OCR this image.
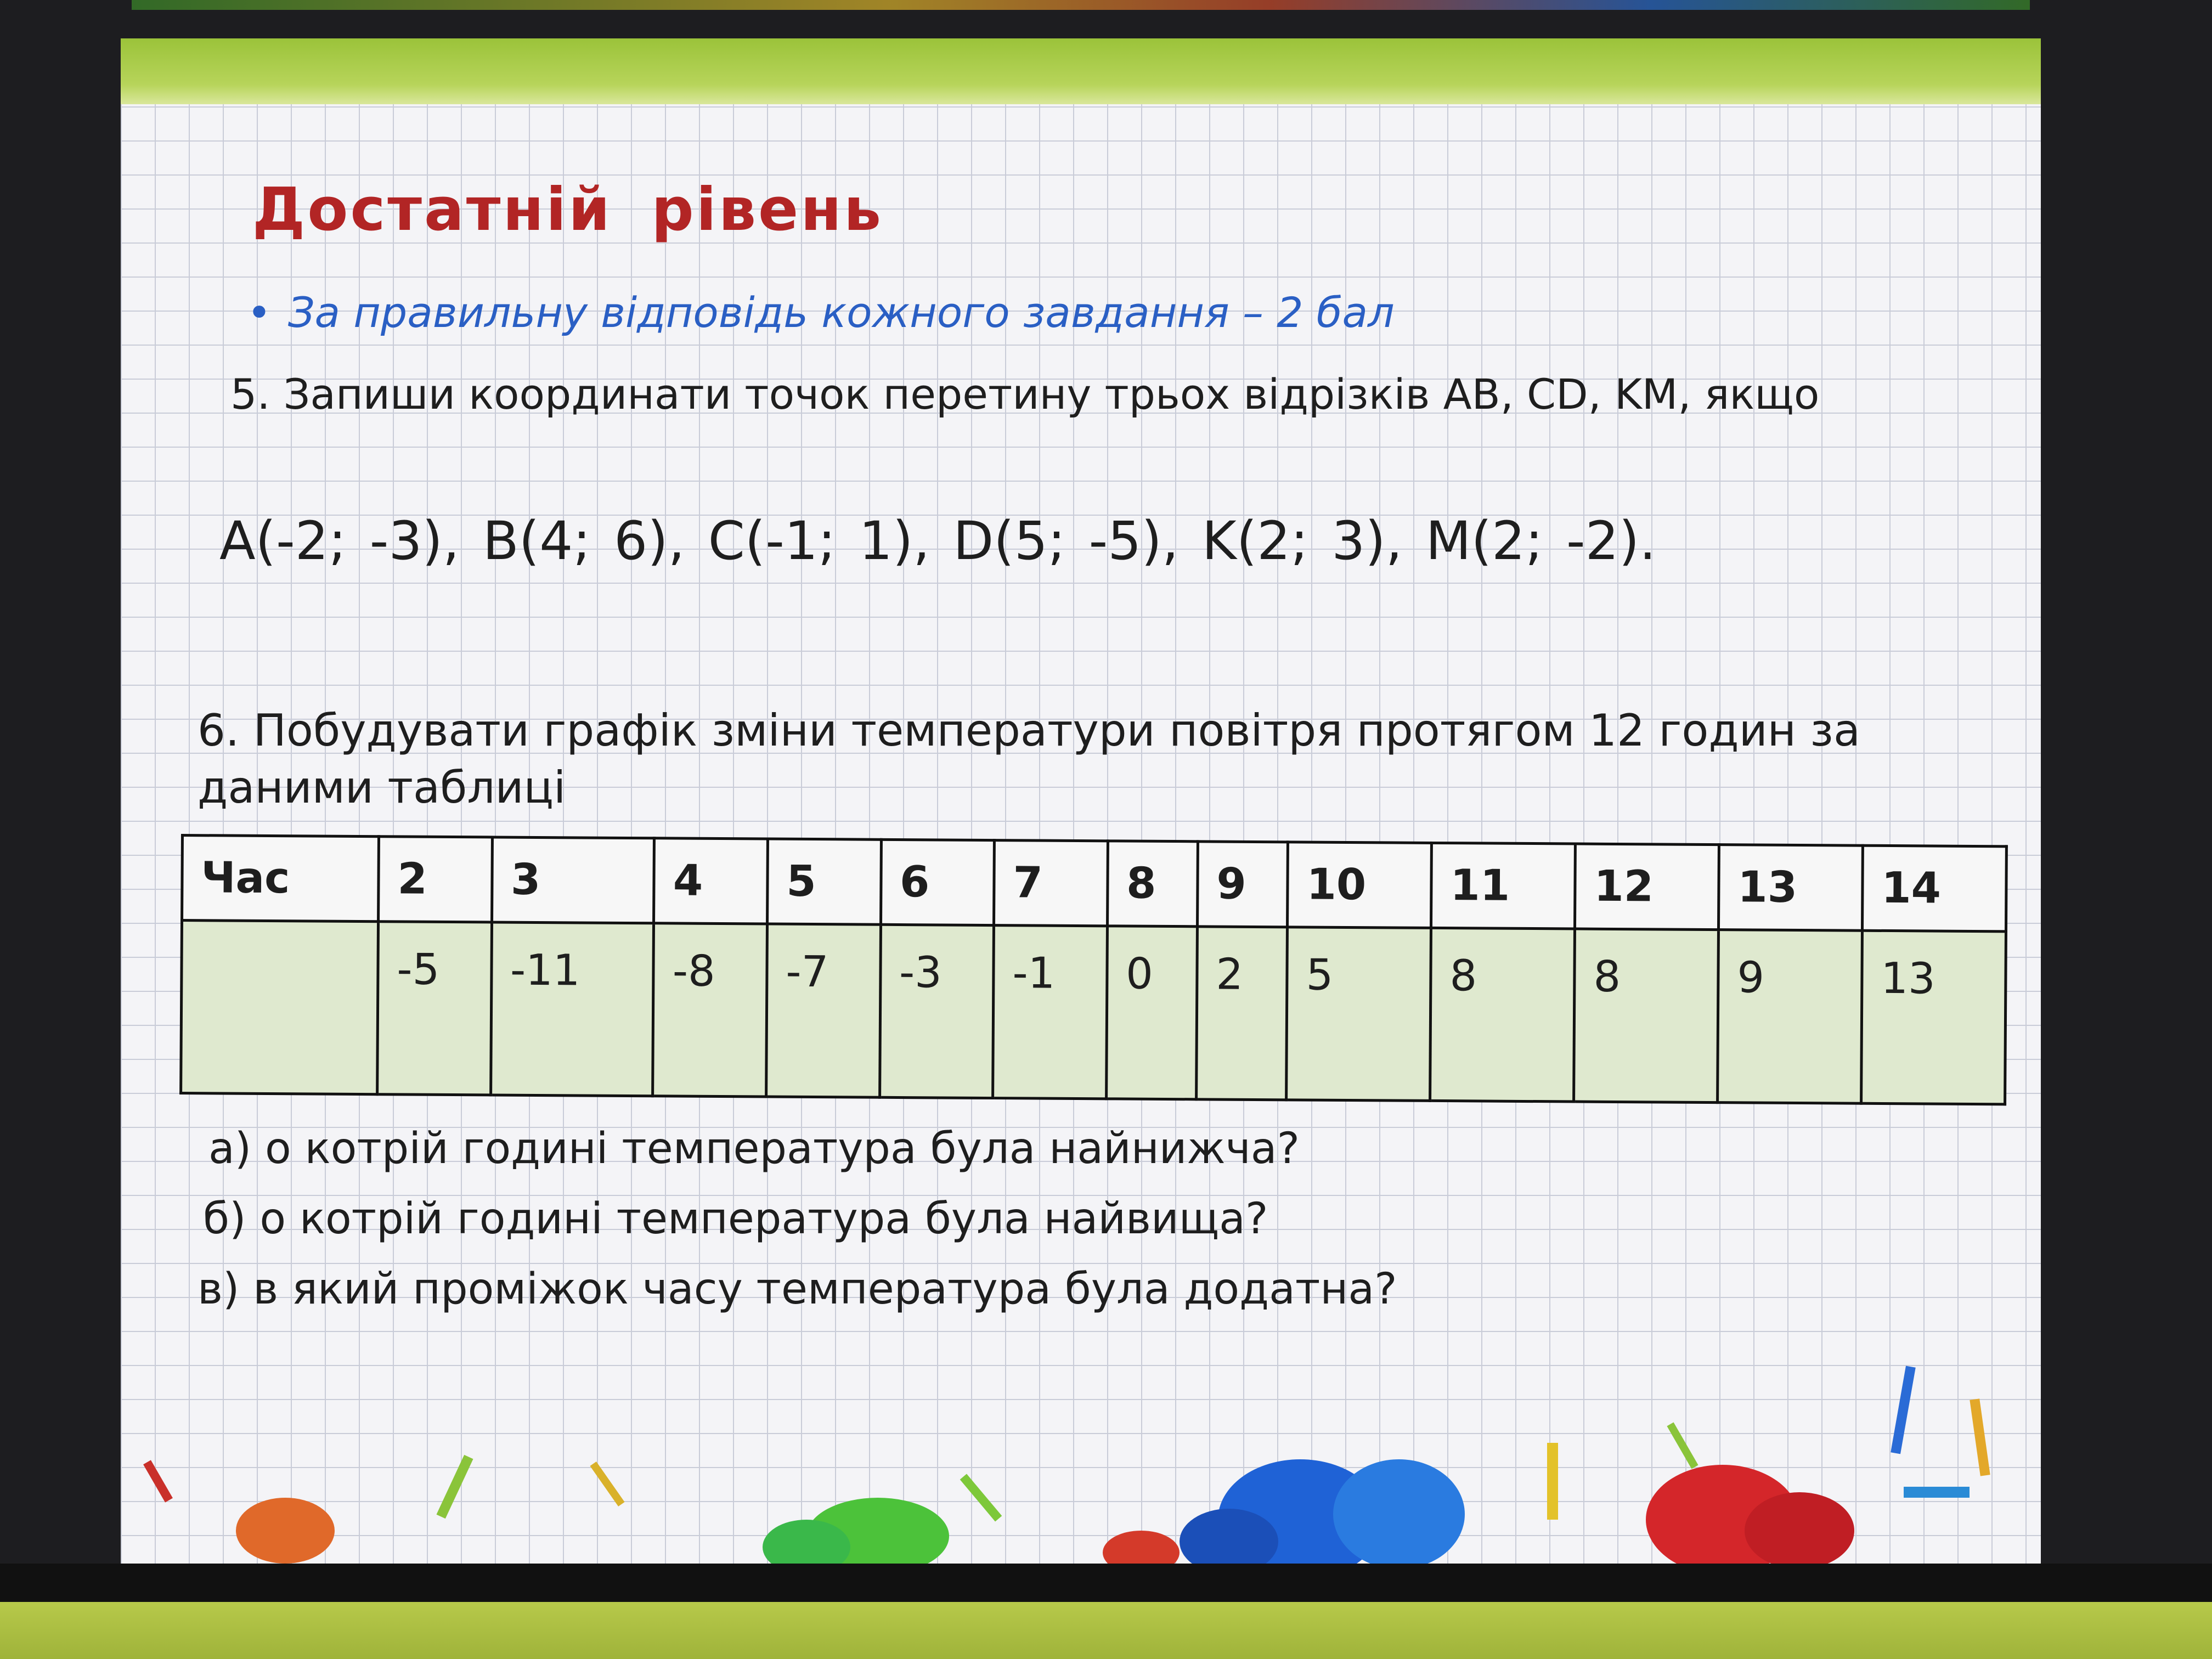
Достатній рівень
• За правильну відповідь кожного завдання – 2 бал
5. Запиши координати точок перетину трьох відрізків АВ, CD, KM, якщо
A(-2; -3), B(4; 6), C(-1; 1), D(5; -5), K(2; 3), M(2; -2).
6. Побудувати графік зміни температури повітря протягом 12 годин за даними таблиці
Час	2	3	4	5	6	7	8	9	10	11	12	13	14
	-5	-11	-8	-7	-3	-1	0	2	5	8	8	9	13
а) о котрій годині температура була найнижча?
б) о котрій годині температура була найвища?
в) в який проміжок часу температура була додатна?
